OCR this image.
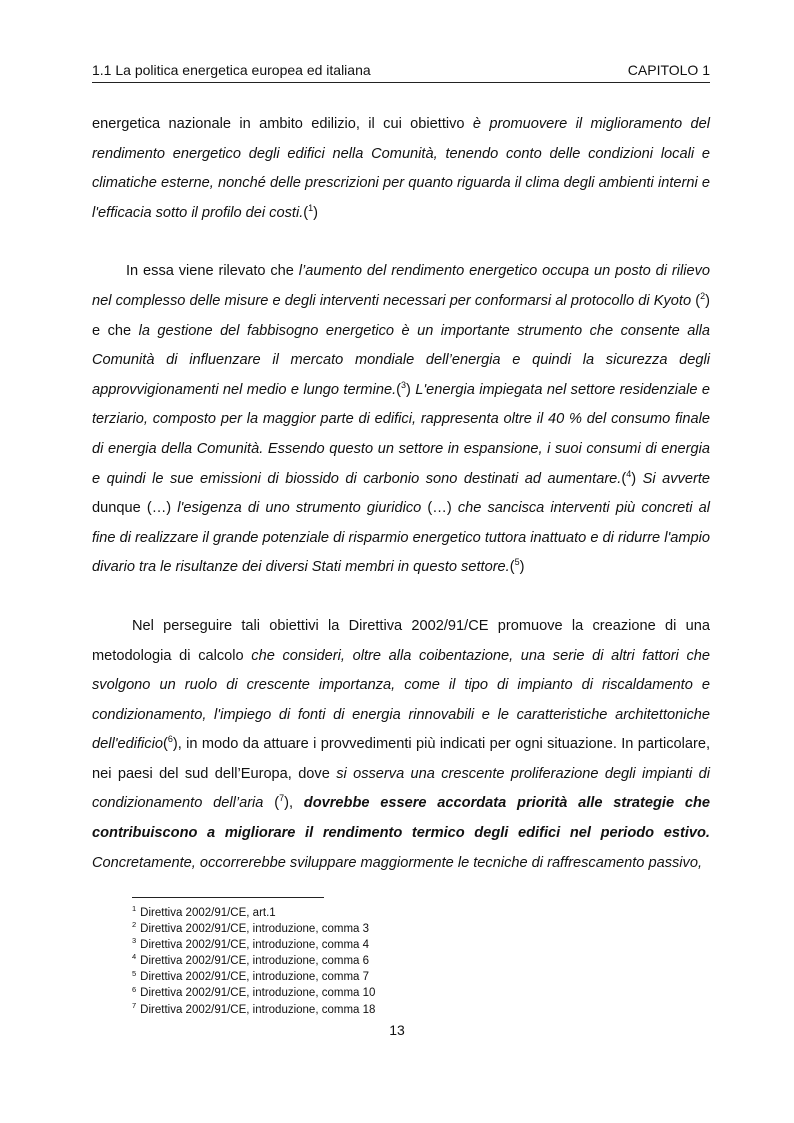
1.1 La politica energetica europea ed italiana	CAPITOLO 1

energetica nazionale in ambito edilizio, il cui obiettivo è promuovere il miglioramento del rendimento energetico degli edifici nella Comunità, tenendo conto delle condizioni locali e climatiche esterne, nonché delle prescrizioni per quanto riguarda il clima degli ambienti interni e l'efficacia sotto il profilo dei costi.($^1$)

In essa viene rilevato che l’aumento del rendimento energetico occupa un posto di rilievo nel complesso delle misure e degli interventi necessari per conformarsi al protocollo di Kyoto ($^2$) e che la gestione del fabbisogno energetico è un importante strumento che consente alla Comunità di influenzare il mercato mondiale dell’energia e quindi la sicurezza degli approvvigionamenti nel medio e lungo termine.($^3$) L'energia impiegata nel settore residenziale e terziario, composto per la maggior parte di edifici, rappresenta oltre il 40 % del consumo finale di energia della Comunità. Essendo questo un settore in espansione, i suoi consumi di energia e quindi le sue emissioni di biossido di carbonio sono destinati ad aumentare.($^4$) Si avverte dunque (…) l'esigenza di uno strumento giuridico (…) che sancisca interventi più concreti al fine di realizzare il grande potenziale di risparmio energetico tuttora inattuato e di ridurre l'ampio divario tra le risultanze dei diversi Stati membri in questo settore.($^5$)

Nel perseguire tali obiettivi la Direttiva 2002/91/CE promuove la creazione di una metodologia di calcolo che consideri, oltre alla coibentazione, una serie di altri fattori che svolgono un ruolo di crescente importanza, come il tipo di impianto di riscaldamento e condizionamento, l'impiego di fonti di energia rinnovabili e le caratteristiche architettoniche dell'edificio($^6$), in modo da attuare i provvedimenti più indicati per ogni situazione. In particolare, nei paesi del sud dell’Europa, dove si osserva una crescente proliferazione degli impianti di condizionamento dell’aria ($^7$), dovrebbe essere accordata priorità alle strategie che contribuiscono a migliorare il rendimento termico degli edifici nel periodo estivo. Concretamente, occorrerebbe sviluppare maggiormente le tecniche di raffrescamento passivo,

$^1$ Direttiva 2002/91/CE, art.1

$^2$ Direttiva 2002/91/CE, introduzione, comma 3

$^3$ Direttiva 2002/91/CE, introduzione, comma 4

$^4$ Direttiva 2002/91/CE, introduzione, comma 6

$^5$ Direttiva 2002/91/CE, introduzione, comma 7

$^6$ Direttiva 2002/91/CE, introduzione, comma 10

$^7$ Direttiva 2002/91/CE, introduzione, comma 18

13
